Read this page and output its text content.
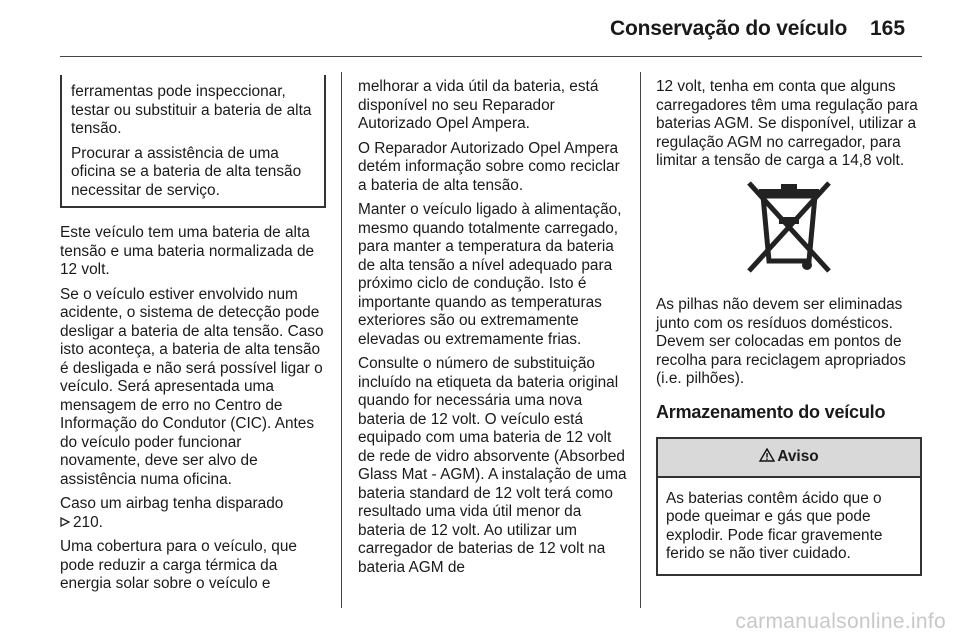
Conservação do veículo 165

ferramentas pode inspeccionar, testar ou substituir a bateria de alta tensão.

Procurar a assistência de uma oficina se a bateria de alta tensão necessitar de serviço.

Este veículo tem uma bateria de alta tensão e uma bateria normalizada de 12 volt.

Se o veículo estiver envolvido num acidente, o sistema de detecção pode desligar a bateria de alta tensão. Caso isto aconteça, a bateria de alta tensão é desligada e não será possível ligar o veículo. Será apresentada uma mensagem de erro no Centro de Informação do Condutor (CIC). Antes do veículo poder funcionar novamente, deve ser alvo de assistência numa oficina.

Caso um airbag tenha disparado
210.

Uma cobertura para o veículo, que pode reduzir a carga térmica da energia solar sobre o veículo e

melhorar a vida útil da bateria, está disponível no seu Reparador Autorizado Opel Ampera.

O Reparador Autorizado Opel Ampera detém informação sobre como reciclar a bateria de alta tensão.

Manter o veículo ligado à alimentação, mesmo quando totalmente carregado, para manter a temperatura da bateria de alta tensão a nível adequado para próximo ciclo de condução. Isto é importante quando as temperaturas exteriores são ou extremamente elevadas ou extremamente frias.

Consulte o número de substituição incluído na etiqueta da bateria original quando for necessária uma nova bateria de 12 volt. O veículo está equipado com uma bateria de 12 volt de rede de vidro absorvente (Absorbed Glass Mat - AGM). A instalação de uma bateria standard de 12 volt terá como resultado uma vida útil menor da bateria de 12 volt. Ao utilizar um carregador de baterias de 12 volt na bateria AGM de

12 volt, tenha em conta que alguns carregadores têm uma regulação para baterias AGM. Se disponível, utilizar a regulação AGM no carregador, para limitar a tensão de carga a 14,8 volt.

As pilhas não devem ser eliminadas junto com os resíduos domésticos. Devem ser colocadas em pontos de recolha para reciclagem apropriados (i.e. pilhões).

Armazenamento do veículo
Aviso
As baterias contêm ácido que o pode queimar e gás que pode explodir. Pode ficar gravemente ferido se não tiver cuidado.
carmanualsonline.info
